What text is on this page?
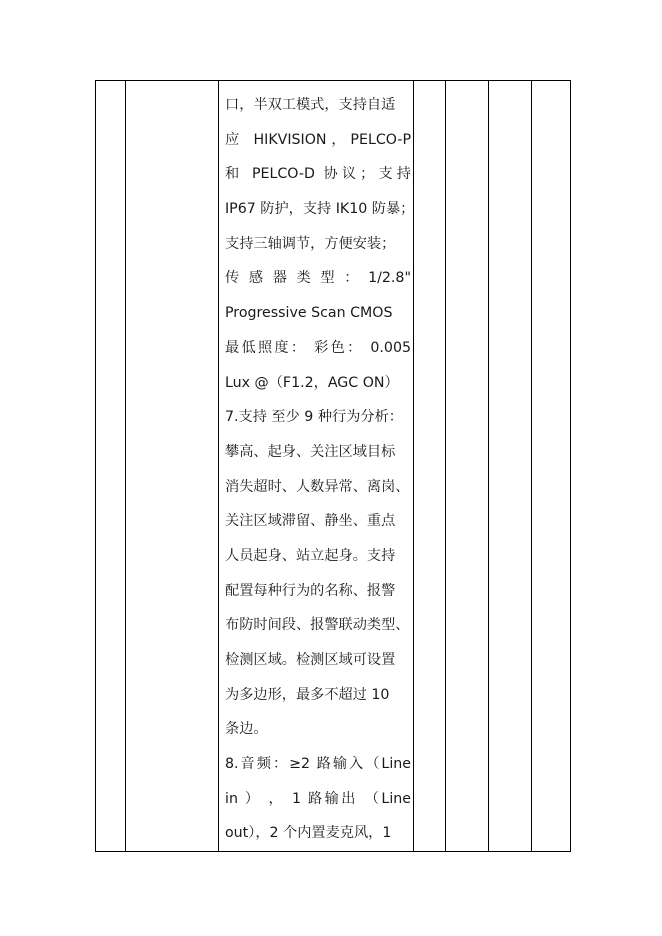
口，半双工模式，支持自适
应 HIKVISION，PELCO-P
和 PELCO-D 协议；支持
IP67 防护，支持 IK10 防暴；
支持三轴调节，方便安装；
传 感 器 类 型 ： 1/2.8"
Progressive Scan CMOS
最低照度： 彩色： 0.005
Lux @（F1.2，AGC ON）
7.支持 至少 9 种行为分析：
攀高、起身、关注区域目标
消失超时、人数异常、离岗、
关注区域滞留、静坐、重点
人员起身、站立起身。支持
配置每种行为的名称、报警
布防时间段、报警联动类型、
检测区域。检测区域可设置
为多边形，最多不超过 10
条边。
8.音频：≥2 路输入（Line
in ） ， 1 路输出 （Line
out），2 个内置麦克风，1
